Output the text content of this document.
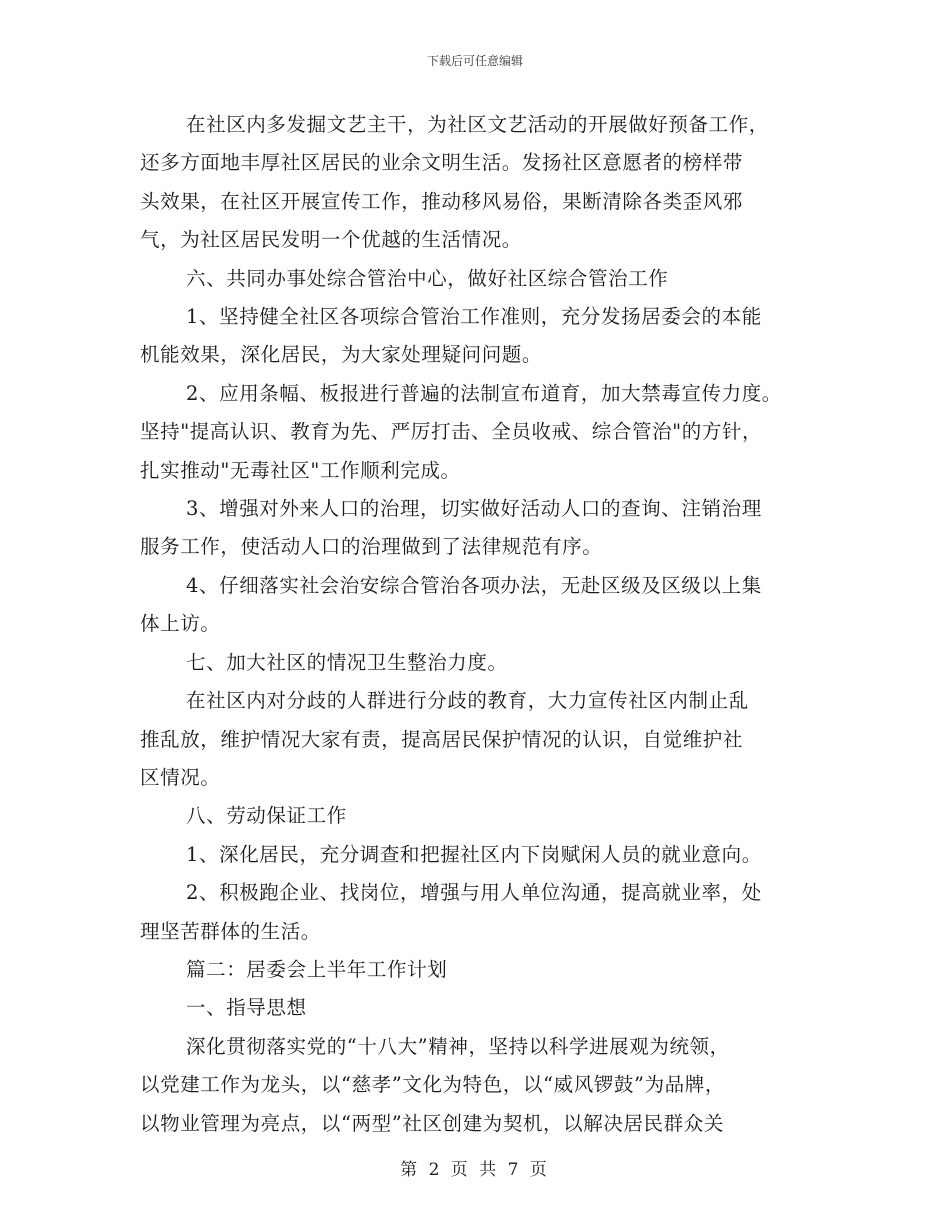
下载后可任意编辑

在社区内多发掘文艺主干，为社区文艺活动的开展做好预备工作，
还多方面地丰厚社区居民的业余文明生活。发扬社区意愿者的榜样带
头效果，在社区开展宣传工作，推动移风易俗，果断清除各类歪风邪
气，为社区居民发明一个优越的生活情况。
六、共同办事处综合管治中心，做好社区综合管治工作
1、坚持健全社区各项综合管治工作准则，充分发扬居委会的本能
机能效果，深化居民，为大家处理疑问问题。
2、应用条幅、板报进行普遍的法制宣布道育，加大禁毒宣传力度。
坚持"提高认识、教育为先、严厉打击、全员收戒、综合管治"的方针，
扎实推动"无毒社区"工作顺利完成。
3、增强对外来人口的治理，切实做好活动人口的查询、注销治理
服务工作，使活动人口的治理做到了法律规范有序。
4、仔细落实社会治安综合管治各项办法，无赴区级及区级以上集
体上访。
七、加大社区的情况卫生整治力度。
在社区内对分歧的人群进行分歧的教育，大力宣传社区内制止乱
推乱放，维护情况大家有责，提高居民保护情况的认识，自觉维护社
区情况。
八、劳动保证工作
1、深化居民，充分调查和把握社区内下岗赋闲人员的就业意向。
2、积极跑企业、找岗位，增强与用人单位沟通，提高就业率，处
理坚苦群体的生活。
篇二：居委会上半年工作计划
一、指导思想
深化贯彻落实党的“十八大”精神，坚持以科学进展观为统领，
以党建工作为龙头，以“慈孝”文化为特色，以“威风锣鼓”为品牌，
以物业管理为亮点，以“两型”社区创建为契机，以解决居民群众关

第 2 页 共 7 页
